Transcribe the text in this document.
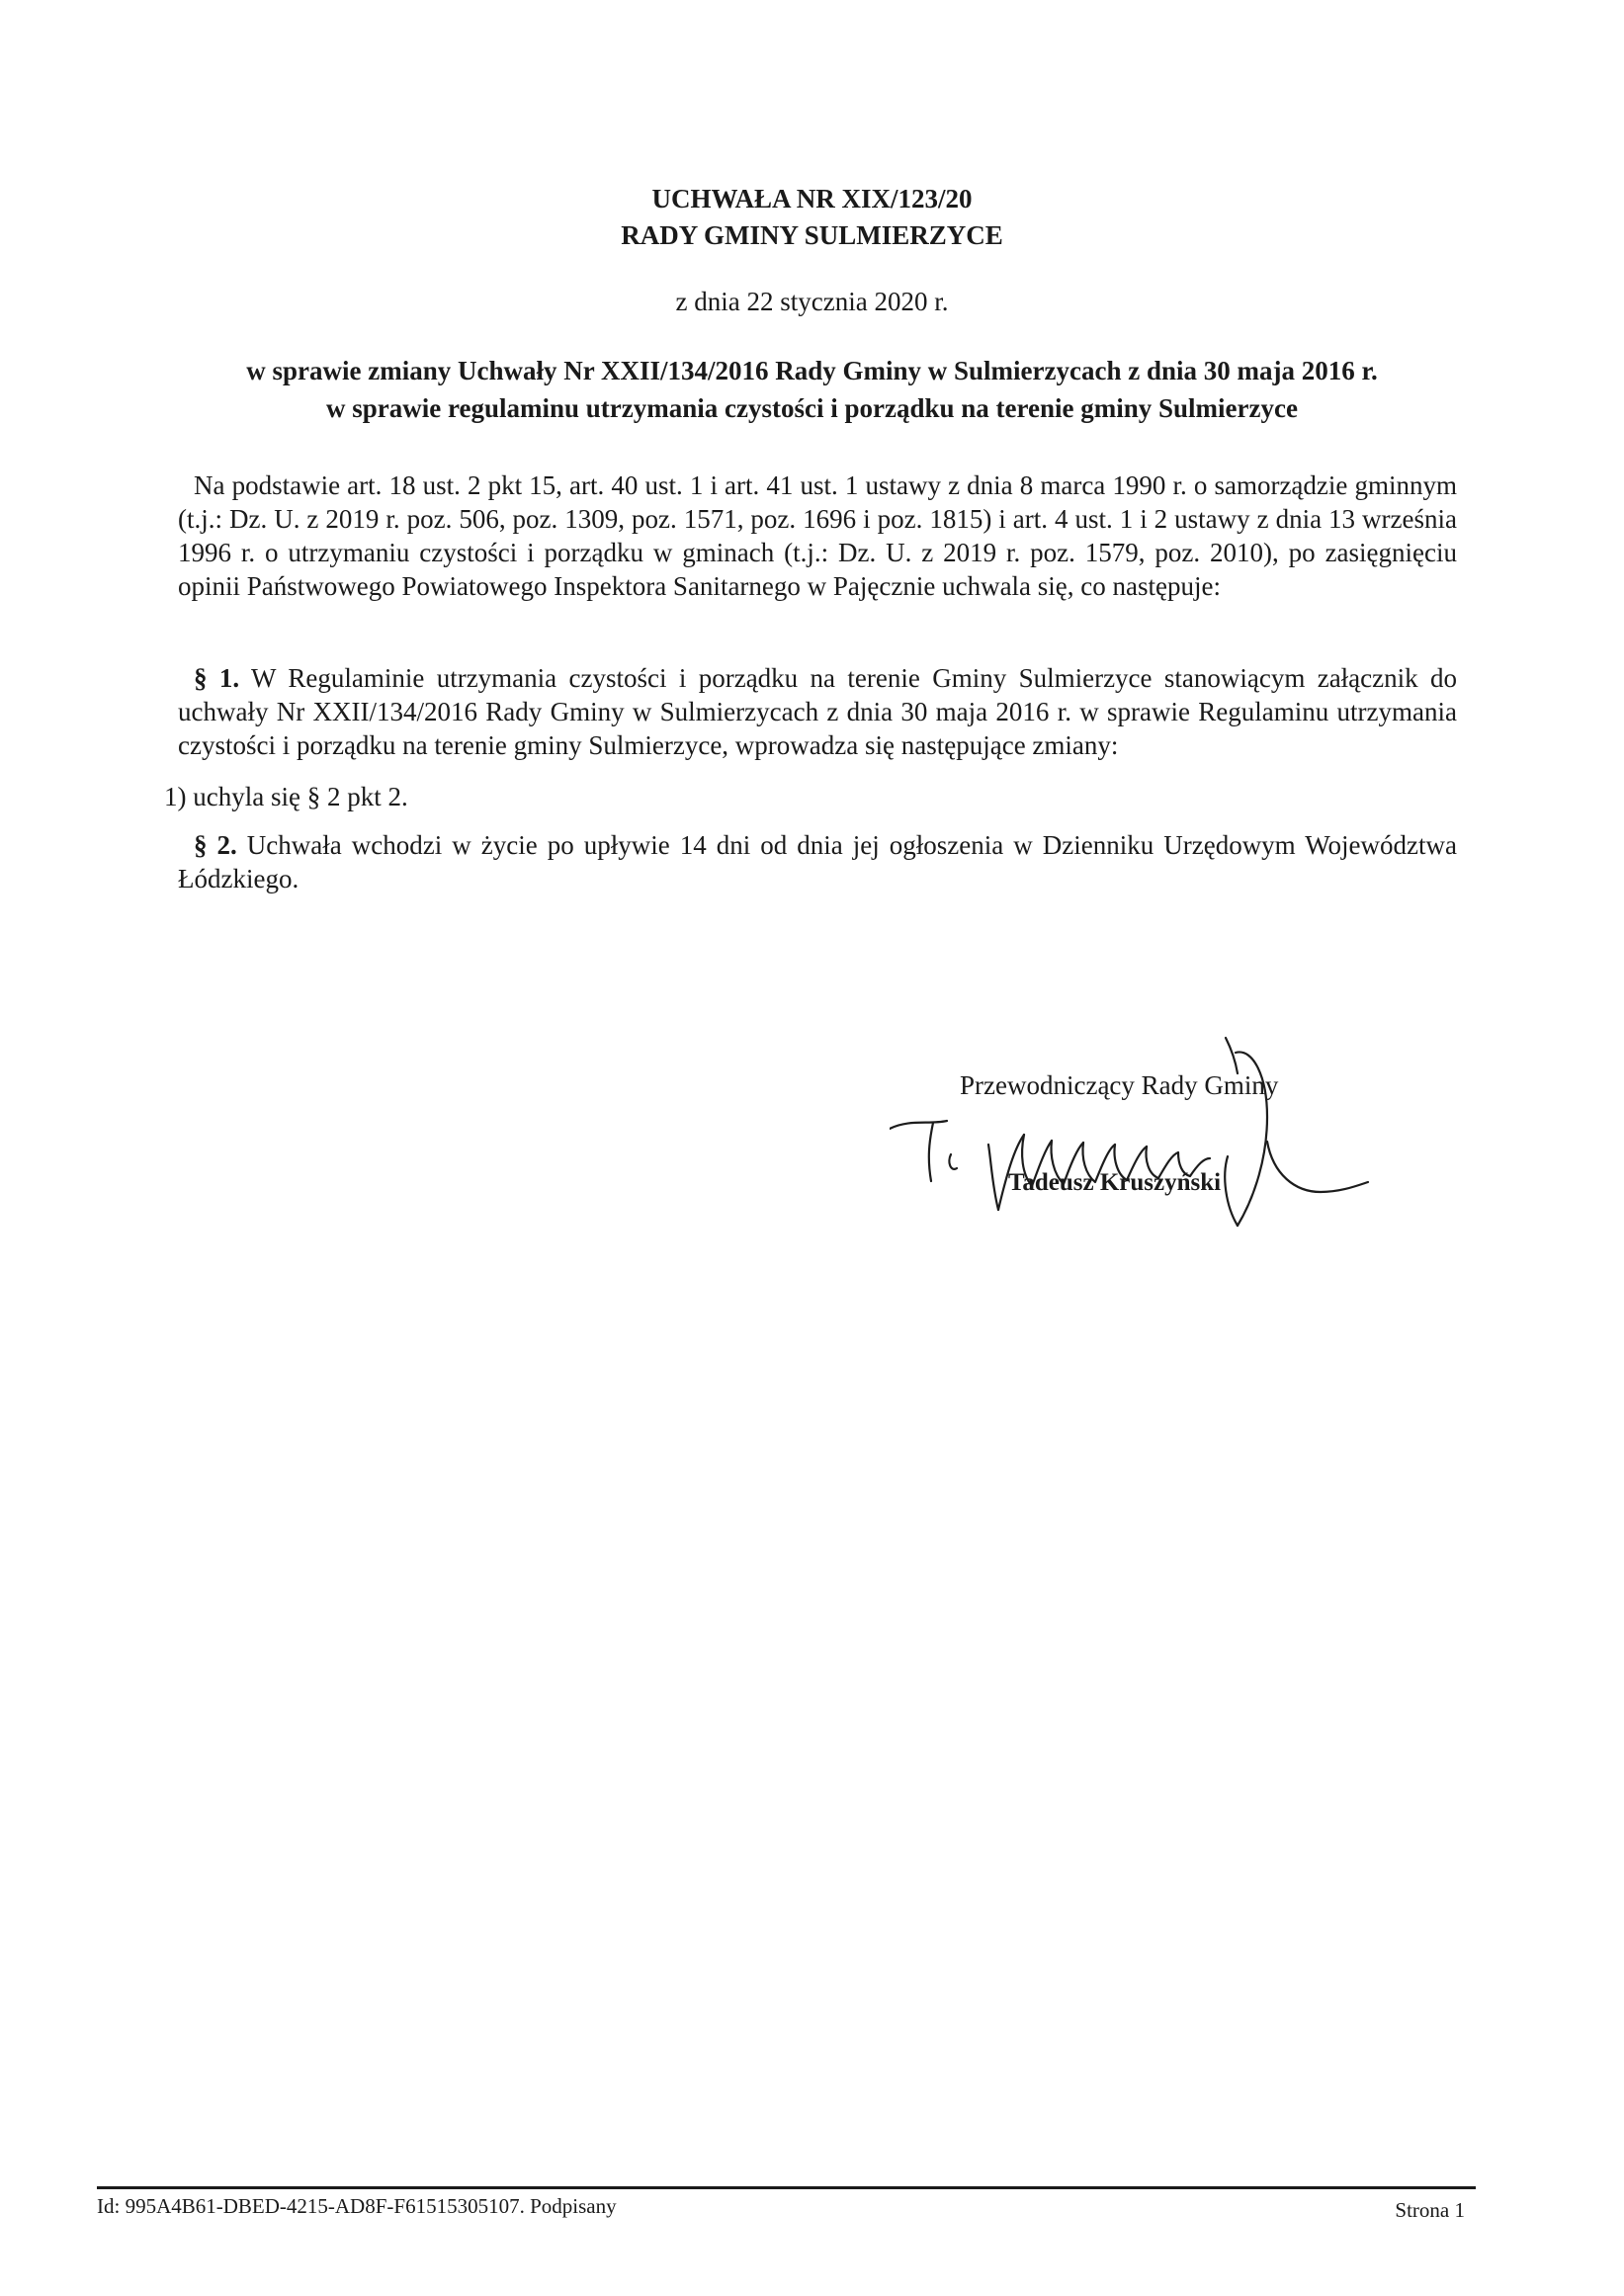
UCHWAŁA NR XIX/123/20
RADY GMINY SULMIERZYCE
z dnia 22 stycznia 2020 r.
w sprawie zmiany Uchwały Nr XXII/134/2016 Rady Gminy w Sulmierzycach z dnia 30 maja 2016 r.
w sprawie regulaminu utrzymania czystości i porządku na terenie gminy Sulmierzyce
Na podstawie art. 18 ust. 2 pkt 15, art. 40 ust. 1 i art. 41 ust. 1 ustawy z dnia 8 marca 1990 r. o samorządzie gminnym (t.j.: Dz. U. z 2019 r. poz. 506, poz. 1309, poz. 1571, poz. 1696 i poz. 1815) i art. 4 ust. 1 i 2 ustawy z dnia 13 września 1996 r. o utrzymaniu czystości i porządku w gminach (t.j.: Dz. U. z 2019 r. poz. 1579, poz. 2010), po zasięgnięciu opinii Państwowego Powiatowego Inspektora Sanitarnego w Pajęcznie uchwala się, co następuje:
§ 1. W Regulaminie utrzymania czystości i porządku na terenie Gminy Sulmierzyce stanowiącym załącznik do uchwały Nr XXII/134/2016 Rady Gminy w Sulmierzycach z dnia 30 maja 2016 r. w sprawie Regulaminu utrzymania czystości i porządku na terenie gminy Sulmierzyce, wprowadza się następujące zmiany:
1) uchyla się § 2 pkt 2.
§ 2. Uchwała wchodzi w życie po upływie 14 dni od dnia jej ogłoszenia w Dzienniku Urzędowym Województwa Łódzkiego.
Przewodniczący Rady Gminy
Tadeusz Kruszyński
Id: 995A4B61-DBED-4215-AD8F-F61515305107. Podpisany	Strona 1
